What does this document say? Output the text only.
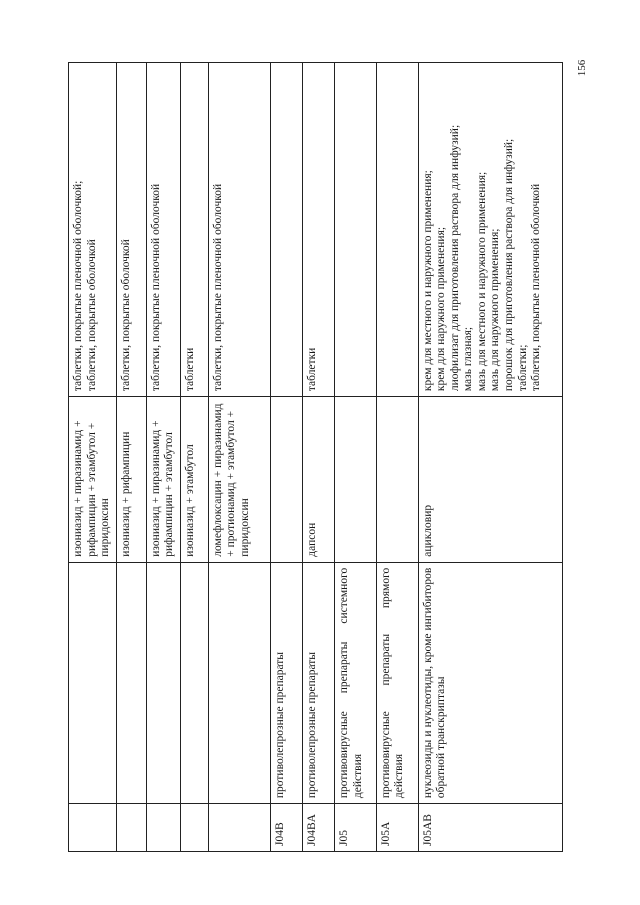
156
изониазид + пиразинамид + рифампицин + этамбутол + пиридоксин
таблетки, покрытые пленочной оболочкой; таблетки, покрытые оболочкой
изониазид + рифампицин
таблетки, покрытые оболочкой
изониазид + пиразинамид + рифампицин + этамбутол
таблетки, покрытые пленочной оболочкой
изониазид + этамбутол
таблетки
ломефлоксацин + пиразинамид + протионамид + этамбутол + пиридоксин
таблетки, покрытые пленочной оболочкой
J04B
противолепрозные препараты
J04BA
противолепрозные препараты
дапсон
таблетки
J05
противовирусные препараты системного действия
J05A
противовирусные препараты прямого действия
J05AB
нуклеозиды и нуклеотиды, кроме ингибиторов обратной транскриптазы
ацикловир
крем для местного и наружного применения; крем для наружного применения; лиофилизат для приготовления раствора для инфузий; мазь глазная; мазь для местного и наружного применения; мазь для наружного применения; порошок для приготовления раствора для инфузий; таблетки; таблетки, покрытые пленочной оболочкой
